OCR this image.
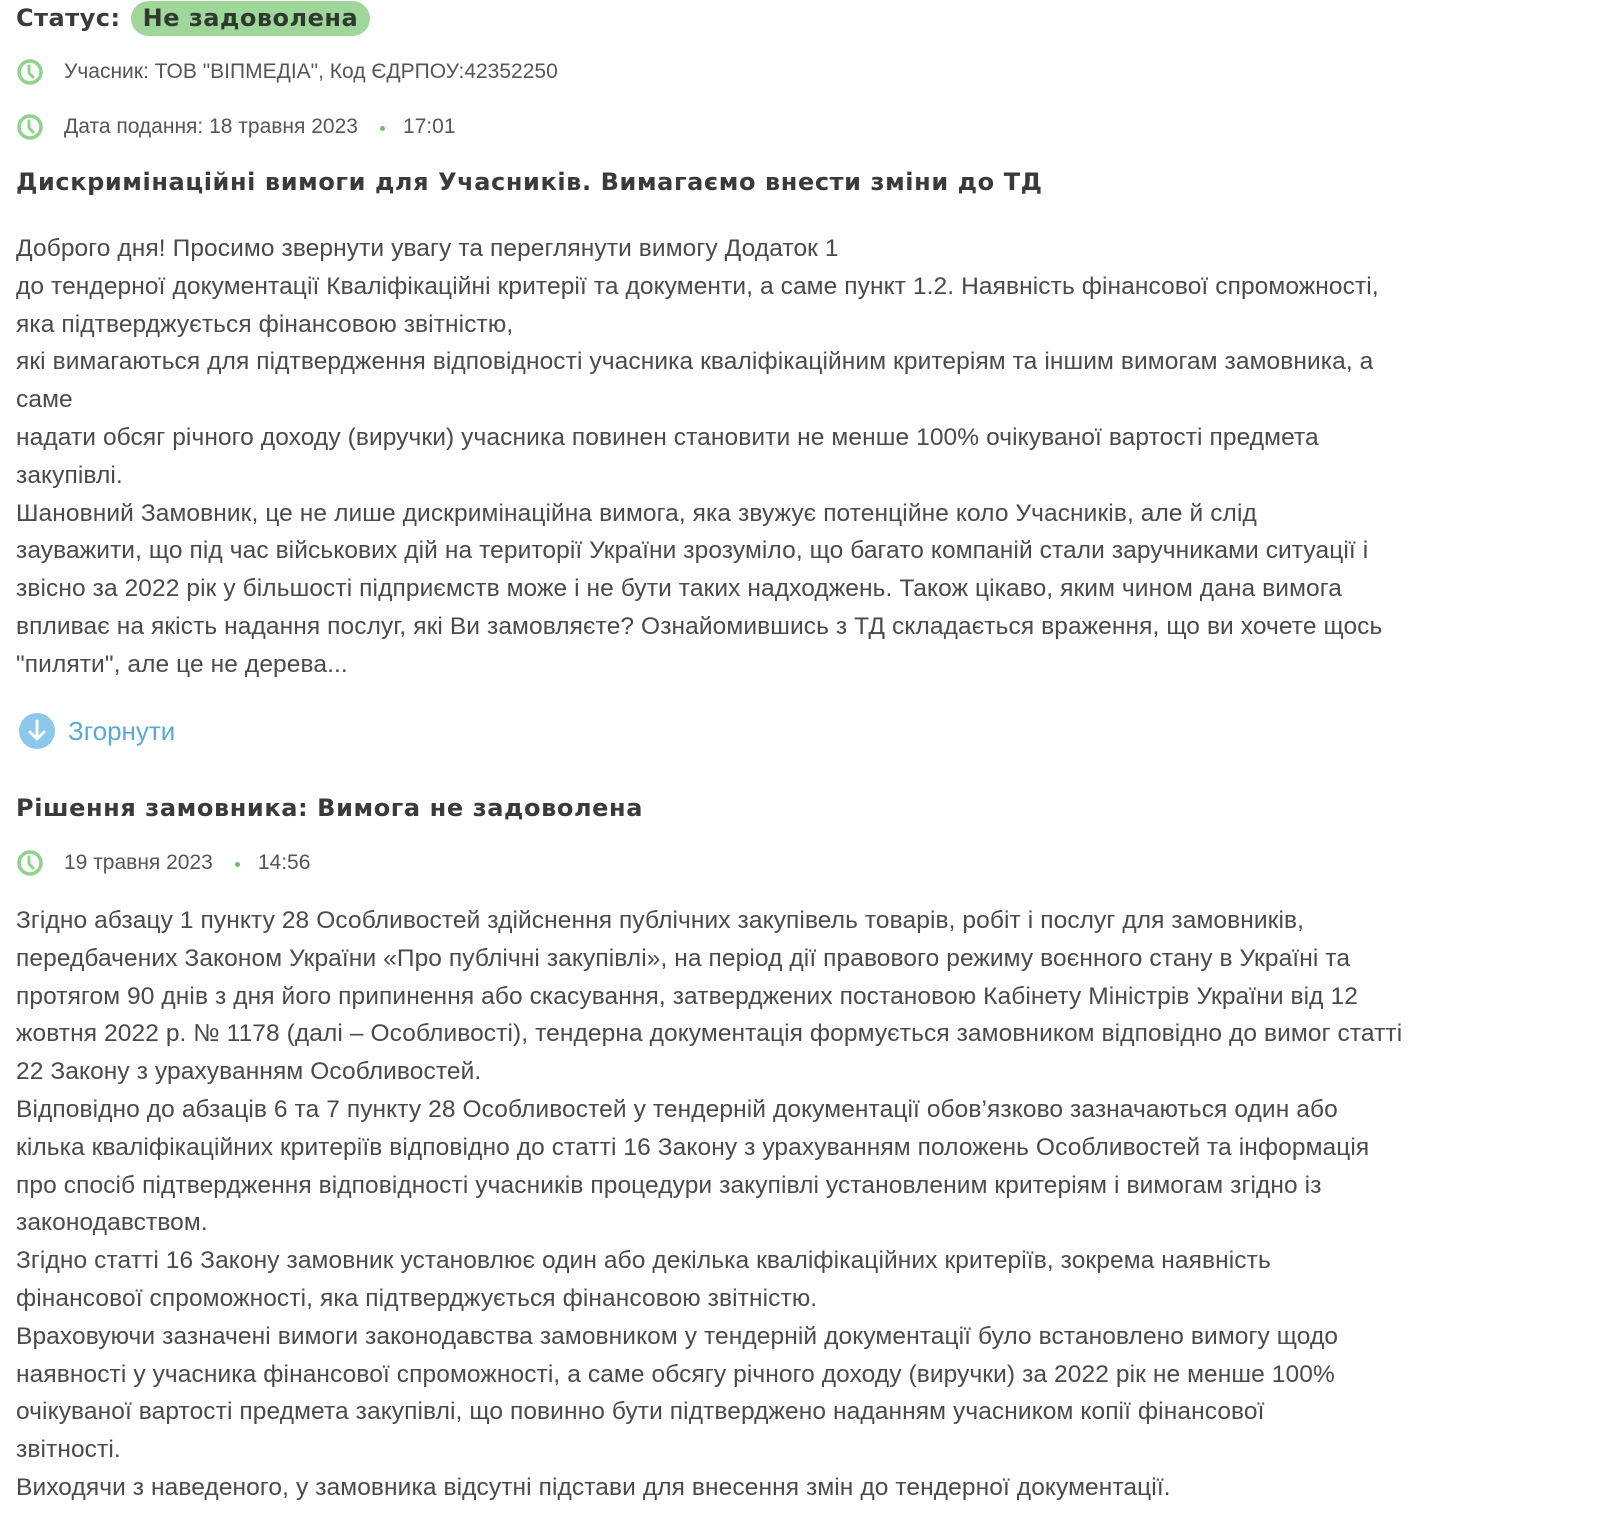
Статус: Не задоволена
Учасник: ТОВ "ВІПМЕДІА", Код ЄДРПОУ:42352250
Дата подання: 18 травня 2023 17:01
Дискримінаційні вимоги для Учасників. Вимагаємо внести зміни до ТД
Доброго дня! Просимо звернути увагу та переглянути вимогу Додаток 1
до тендерної документації Кваліфікаційні критерії та документи, а саме пункт 1.2. Наявність фінансової спроможності,
яка підтверджується фінансовою звітністю,
які вимагаються для підтвердження відповідності учасника кваліфікаційним критеріям та іншим вимогам замовника, а
саме
надати обсяг річного доходу (виручки) учасника повинен становити не менше 100% очікуваної вартості предмета
закупівлі.
Шановний Замовник, це не лише дискримінаційна вимога, яка звужує потенційне коло Учасників, але й слід
зауважити, що під час військових дій на території України зрозуміло, що багато компаній стали заручниками ситуації і
звісно за 2022 рік у більшості підприємств може і не бути таких надходжень. Також цікаво, яким чином дана вимога
впливає на якість надання послуг, які Ви замовляєте? Ознайомившись з ТД складається враження, що ви хочете щось
"пиляти", але це не дерева...
Згорнути
Рішення замовника: Вимога не задоволена
19 травня 2023 14:56
Згідно абзацу 1 пункту 28 Особливостей здійснення публічних закупівель товарів, робіт і послуг для замовників,
передбачених Законом України «Про публічні закупівлі», на період дії правового режиму воєнного стану в Україні та
протягом 90 днів з дня його припинення або скасування, затверджених постановою Кабінету Міністрів України від 12
жовтня 2022 р. № 1178 (далі – Особливості), тендерна документація формується замовником відповідно до вимог статті
22 Закону з урахуванням Особливостей.
Відповідно до абзаців 6 та 7 пункту 28 Особливостей у тендерній документації обов’язково зазначаються один або
кілька кваліфікаційних критеріїв відповідно до статті 16 Закону з урахуванням положень Особливостей та інформація
про спосіб підтвердження відповідності учасників процедури закупівлі установленим критеріям і вимогам згідно із
законодавством.
Згідно статті 16 Закону замовник установлює один або декілька кваліфікаційних критеріїв, зокрема наявність
фінансової спроможності, яка підтверджується фінансовою звітністю.
Враховуючи зазначені вимоги законодавства замовником у тендерній документації було встановлено вимогу щодо
наявності у учасника фінансової спроможності, а саме обсягу річного доходу (виручки) за 2022 рік не менше 100%
очікуваної вартості предмета закупівлі, що повинно бути підтверджено наданням учасником копії фінансової
звітності.
Виходячи з наведеного, у замовника відсутні підстави для внесення змін до тендерної документації.
